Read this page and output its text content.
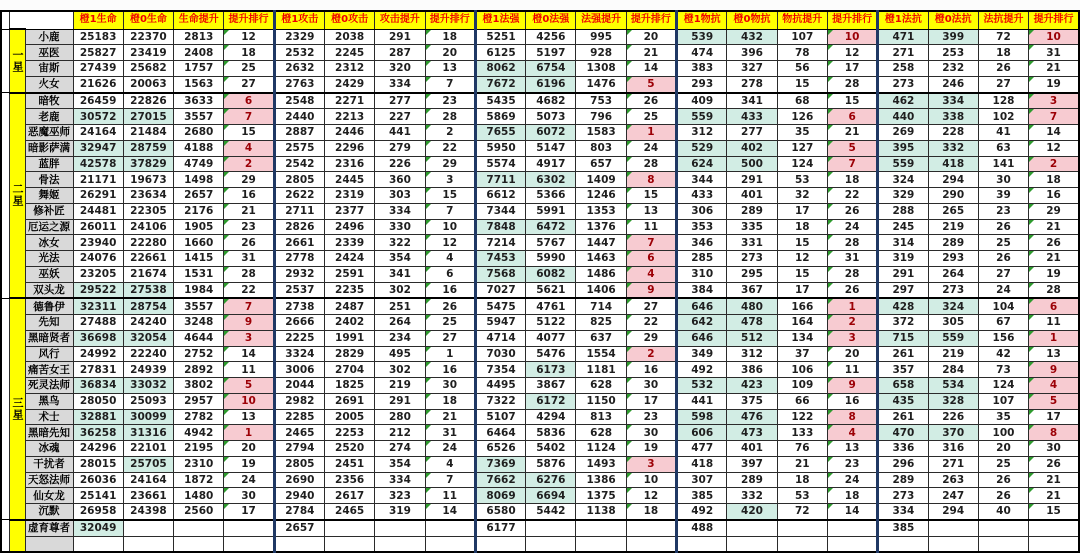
			橙1生命	橙0生命	生命提升	提升排行	橙1攻击	橙0攻击	攻击提升	提升排行	橙1法强	橙0法强	法强提升	提升排行	橙1物抗	橙0物抗	物抗提升	提升排行	橙1法抗	橙0法抗	法抗提升	提升排行
	一星	小鹿	25183	22370	2813	12	2329	2038	291	18	5251	4256	995	20	539	432	107	10	471	399	72	10
		巫医	25827	23419	2408	18	2532	2245	287	20	6125	5197	928	21	474	396	78	12	271	253	18	31
		宙斯	27439	25682	1757	25	2632	2312	320	13	8062	6754	1308	14	383	327	56	17	258	232	26	21
		火女	21626	20063	1563	27	2763	2429	334	7	7672	6196	1476	5	293	278	15	28	273	246	27	19
	二星	暗牧	26459	22826	3633	6	2548	2271	277	23	5435	4682	753	26	409	341	68	15	462	334	128	3
		老鹿	30572	27015	3557	7	2440	2213	227	28	5869	5073	796	25	559	433	126	6	440	338	102	7
		恶魔巫师	24164	21484	2680	15	2887	2446	441	2	7655	6072	1583	1	312	277	35	21	269	228	41	14
		暗影萨满	32947	28759	4188	4	2575	2296	279	22	5950	5147	803	24	529	402	127	5	395	332	63	12
		蓝胖	42578	37829	4749	2	2542	2316	226	29	5574	4917	657	28	624	500	124	7	559	418	141	2
		骨法	21171	19673	1498	29	2805	2445	360	3	7711	6302	1409	8	344	291	53	18	324	294	30	18
		舞姬	26291	23634	2657	16	2622	2319	303	15	6612	5366	1246	15	433	401	32	22	329	290	39	16
		修补匠	24481	22305	2176	21	2711	2377	334	7	7344	5991	1353	13	306	289	17	26	288	265	23	29
		厄运之源	26011	24106	1905	23	2826	2496	330	10	7848	6472	1376	11	353	335	18	24	245	219	26	21
		冰女	23940	22280	1660	26	2661	2339	322	12	7214	5767	1447	7	346	331	15	28	314	289	25	26
		光法	24076	22661	1415	31	2778	2424	354	4	7453	5990	1463	6	285	273	12	31	319	293	26	21
		巫妖	23205	21674	1531	28	2932	2591	341	6	7568	6082	1486	4	310	295	15	28	291	264	27	19
		双头龙	29522	27538	1984	22	2537	2235	302	16	7027	5621	1406	9	384	367	17	26	297	273	24	28
	三星	德鲁伊	32311	28754	3557	7	2738	2487	251	26	5475	4761	714	27	646	480	166	1	428	324	104	6
		先知	27488	24240	3248	9	2666	2402	264	25	5947	5122	825	22	642	478	164	2	372	305	67	11
		黑暗贤者	36698	32054	4644	3	2225	1991	234	27	4714	4077	637	29	646	512	134	3	715	559	156	1
		风行	24992	22240	2752	14	3324	2829	495	1	7030	5476	1554	2	349	312	37	20	261	219	42	13
		痛苦女王	27831	24939	2892	11	3006	2704	302	16	7354	6173	1181	16	492	386	106	11	357	284	73	9
		死灵法师	36834	33032	3802	5	2044	1825	219	30	4495	3867	628	30	532	423	109	9	658	534	124	4
		黑鸟	28050	25093	2957	10	2982	2691	291	18	7322	6172	1150	17	441	375	66	16	435	328	107	5
		术士	32881	30099	2782	13	2285	2005	280	21	5107	4294	813	23	598	476	122	8	261	226	35	17
		黑暗先知	36258	31316	4942	1	2465	2253	212	31	6464	5836	628	30	606	473	133	4	470	370	100	8
		冰魂	24296	22101	2195	20	2794	2520	274	24	6526	5402	1124	19	477	401	76	13	336	316	20	30
		干扰者	28015	25705	2310	19	2805	2451	354	4	7369	5876	1493	3	418	397	21	23	296	271	25	26
		天怒法师	26036	24164	1872	24	2690	2356	334	7	7662	6276	1386	10	307	289	18	24	289	263	26	21
		仙女龙	25141	23661	1480	30	2940	2617	323	11	8069	6694	1375	12	385	332	53	18	273	247	26	21
		沉默	26958	24398	2560	17	2784	2465	319	14	6580	5442	1138	18	492	420	72	14	334	294	40	15
		虚育尊者	32049				2657				6177				488				385			
